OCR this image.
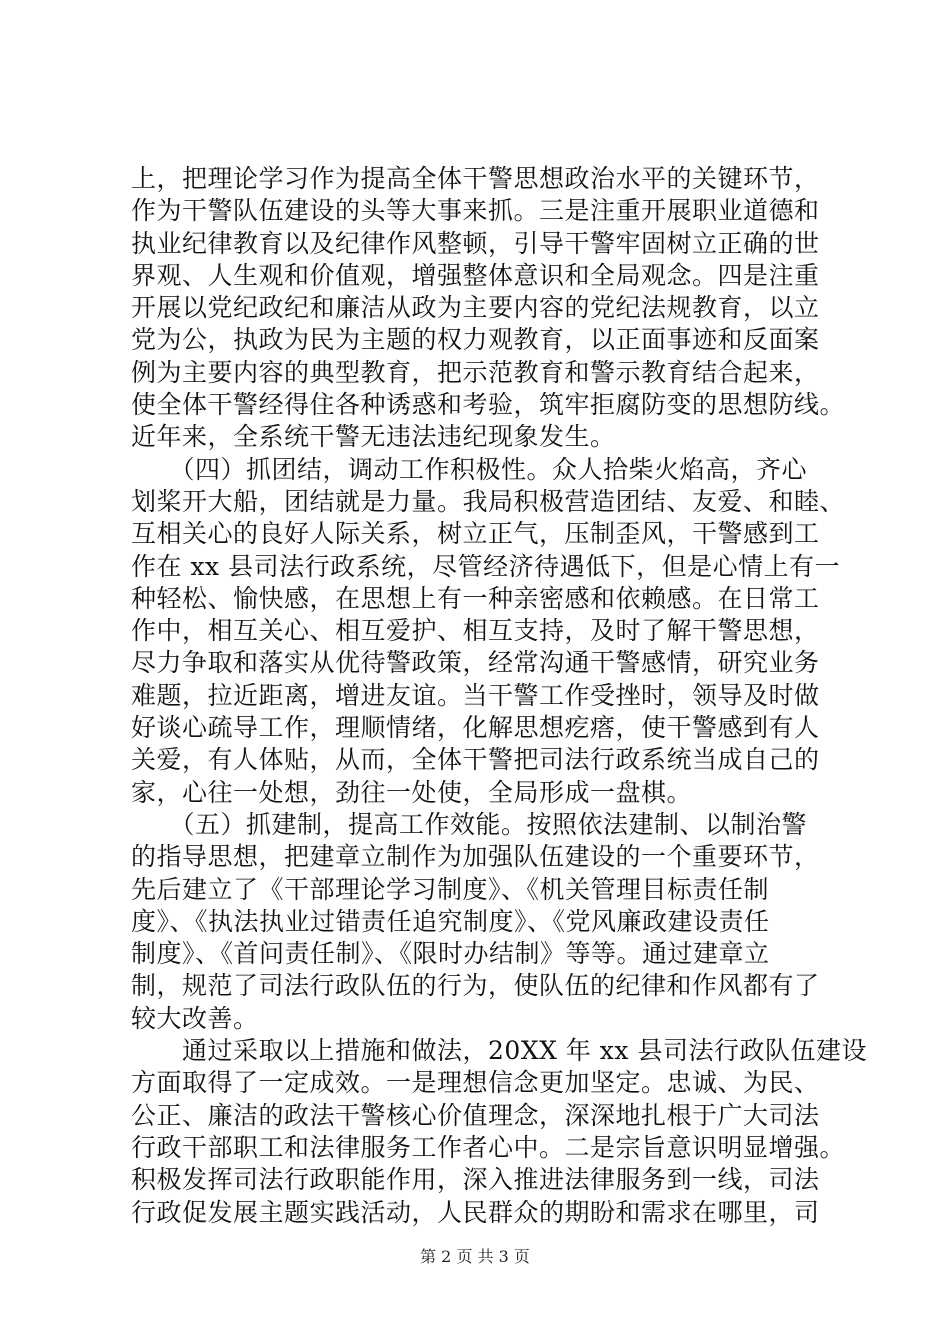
上，把理论学习作为提高全体干警思想政治水平的关键环节，
作为干警队伍建设的头等大事来抓。三是注重开展职业道德和
执业纪律教育以及纪律作风整顿，引导干警牢固树立正确的世
界观、人生观和价值观，增强整体意识和全局观念。四是注重
开展以党纪政纪和廉洁从政为主要内容的党纪法规教育，以立
党为公，执政为民为主题的权力观教育，以正面事迹和反面案
例为主要内容的典型教育，把示范教育和警示教育结合起来，
使全体干警经得住各种诱惑和考验，筑牢拒腐防变的思想防线。
近年来，全系统干警无违法违纪现象发生。
　　（四）抓团结，调动工作积极性。众人拾柴火焰高，齐心
划桨开大船，团结就是力量。我局积极营造团结、友爱、和睦、
互相关心的良好人际关系，树立正气，压制歪风，干警感到工
作在 xx 县司法行政系统，尽管经济待遇低下，但是心情上有一
种轻松、愉快感，在思想上有一种亲密感和依赖感。在日常工
作中，相互关心、相互爱护、相互支持，及时了解干警思想，
尽力争取和落实从优待警政策，经常沟通干警感情，研究业务
难题，拉近距离，增进友谊。当干警工作受挫时，领导及时做
好谈心疏导工作，理顺情绪，化解思想疙瘩，使干警感到有人
关爱，有人体贴，从而，全体干警把司法行政系统当成自己的
家，心往一处想，劲往一处使，全局形成一盘棋。
　　（五）抓建制，提高工作效能。按照依法建制、以制治警
的指导思想，把建章立制作为加强队伍建设的一个重要环节，
先后建立了《干部理论学习制度》、《机关管理目标责任制
度》、《执法执业过错责任追究制度》、《党风廉政建设责任
制度》、《首问责任制》、《限时办结制》等等。通过建章立
制，规范了司法行政队伍的行为，使队伍的纪律和作风都有了
较大改善。
　　通过采取以上措施和做法，20XX 年 xx 县司法行政队伍建设
方面取得了一定成效。一是理想信念更加坚定。忠诚、为民、
公正、廉洁的政法干警核心价值理念，深深地扎根于广大司法
行政干部职工和法律服务工作者心中。二是宗旨意识明显增强。
积极发挥司法行政职能作用，深入推进法律服务到一线，司法
行政促发展主题实践活动，人民群众的期盼和需求在哪里，司
第 2 页 共 3 页
